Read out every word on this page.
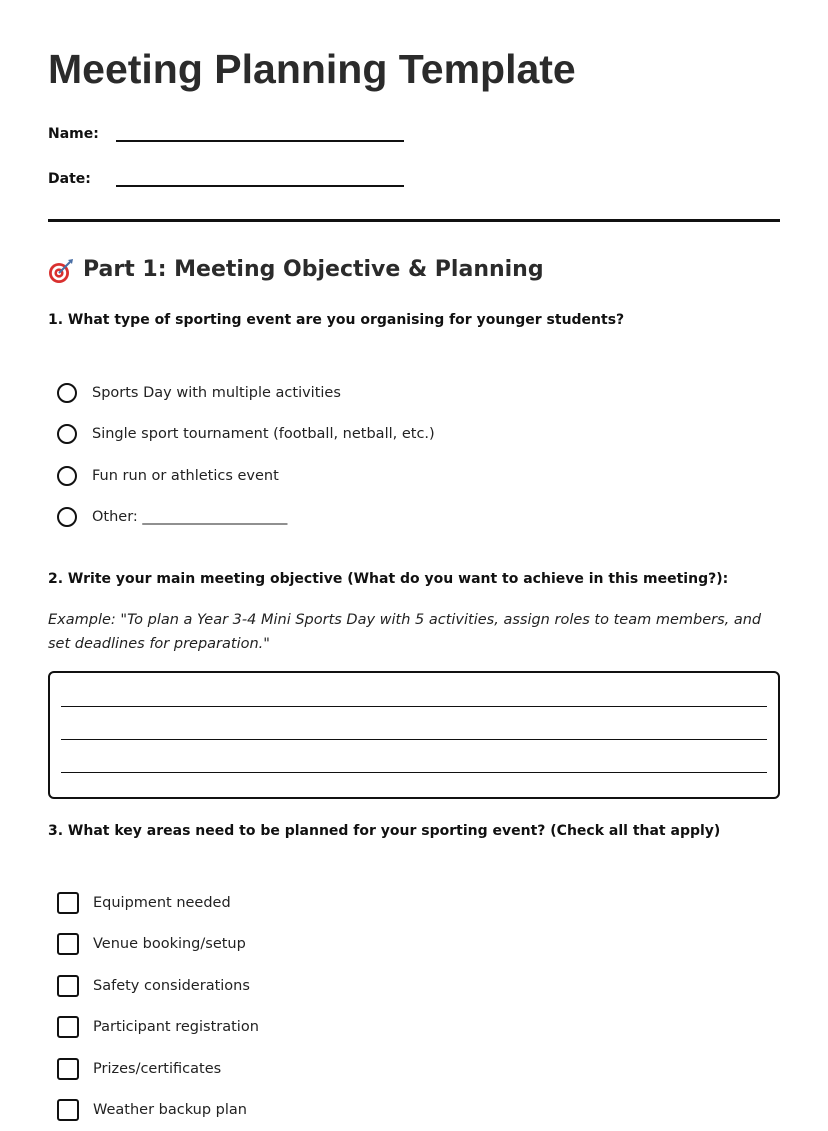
Meeting Planning Template
Name:
Date:
Part 1: Meeting Objective & Planning

1. What type of sporting event are you organising for younger students?

Sports Day with multiple activities
Single sport tournament (football, netball, etc.)
Fun run or athletics event
Other: ____________________

2. Write your main meeting objective (What do you want to achieve in this meeting?):

Example: "To plan a Year 3-4 Mini Sports Day with 5 activities, assign roles to team members, and set deadlines for preparation."

3. What key areas need to be planned for your sporting event? (Check all that apply)

Equipment needed
Venue booking/setup
Safety considerations
Participant registration
Prizes/certificates
Weather backup plan
